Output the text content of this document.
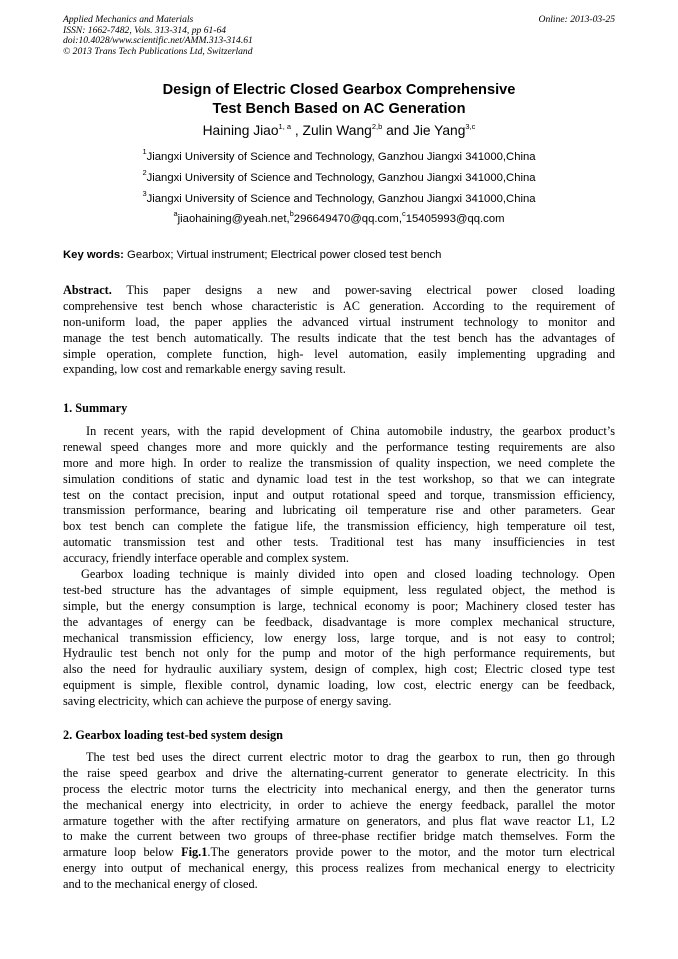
Applied Mechanics and Materials
ISSN: 1662-7482, Vols. 313-314, pp 61-64
doi:10.4028/www.scientific.net/AMM.313-314.61
© 2013 Trans Tech Publications Ltd, Switzerland
Online: 2013-03-25
Design of Electric Closed Gearbox Comprehensive
Test Bench Based on AC Generation
Haining Jiao$^{1, a}$ , Zulin Wang$^{2,b}$ and Jie Yang$^{3,c}$
$^1$Jiangxi University of Science and Technology, Ganzhou Jiangxi 341000,China
$^2$Jiangxi University of Science and Technology, Ganzhou Jiangxi 341000,China
$^3$Jiangxi University of Science and Technology, Ganzhou Jiangxi 341000,China
$^a$jiaohaining@yeah.net,$^b$296649470@qq.com,$^c$15405993@qq.com
Key words: Gearbox; Virtual instrument; Electrical power closed test bench
Abstract. This paper designs a new and power-saving electrical power closed loading
comprehensive test bench whose characteristic is AC generation. According to the requirement of
non-uniform load, the paper applies the advanced virtual instrument technology to monitor and
manage the test bench automatically. The results indicate that the test bench has the advantages of
simple operation, complete function, high- level automation, easily implementing upgrading and
expanding, low cost and remarkable energy saving result.
1. Summary
In recent years, with the rapid development of China automobile industry, the gearbox product’s
renewal speed changes more and more quickly and the performance testing requirements are also
more and more high. In order to realize the transmission of quality inspection, we need complete the
simulation conditions of static and dynamic load test in the test workshop, so that we can integrate
test on the contact precision, input and output rotational speed and torque, transmission efficiency,
transmission performance, bearing and lubricating oil temperature rise and other parameters. Gear
box test bench can complete the fatigue life, the transmission efficiency, high temperature oil test,
automatic transmission test and other tests. Traditional test has many insufficiencies in test
accuracy, friendly interface operable and complex system.
Gearbox loading technique is mainly divided into open and closed loading technology. Open
test-bed structure has the advantages of simple equipment, less regulated object, the method is
simple, but the energy consumption is large, technical economy is poor; Machinery closed tester has
the advantages of energy can be feedback, disadvantage is more complex mechanical structure,
mechanical transmission efficiency, low energy loss, large torque, and is not easy to control;
Hydraulic test bench not only for the pump and motor of the high performance requirements, but
also the need for hydraulic auxiliary system, design of complex, high cost; Electric closed type test
equipment is simple, flexible control, dynamic loading, low cost, electric energy can be feedback,
saving electricity, which can achieve the purpose of energy saving.
2. Gearbox loading test-bed system design
The test bed uses the direct current electric motor to drag the gearbox to run, then go through
the raise speed gearbox and drive the alternating-current generator to generate electricity. In this
process the electric motor turns the electricity into mechanical energy, and then the generator turns
the mechanical energy into electricity, in order to achieve the energy feedback, parallel the motor
armature together with the after rectifying armature on generators, and plus flat wave reactor L1, L2
to make the current between two groups of three-phase rectifier bridge match themselves. Form the
armature loop below Fig.1.The generators provide power to the motor, and the motor turn electrical
energy into output of mechanical energy, this process realizes from mechanical energy to electricity
and to the mechanical energy of closed.
